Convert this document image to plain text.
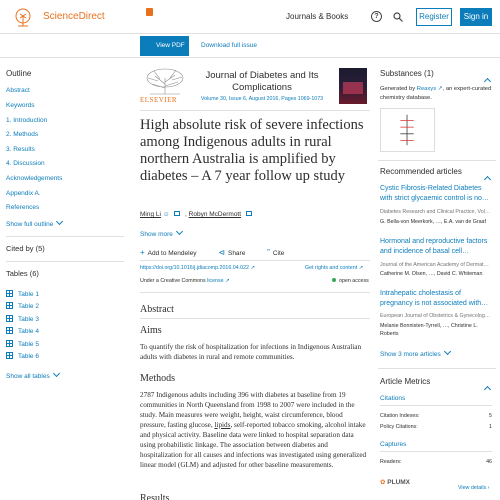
ScienceDirect	Journals & Books	?	Register	Sign in
View PDF	Download full issue
Outline
Abstract
Keywords
1. Introduction
2. Methods
3. Results
4. Discussion
Acknowledgements
Appendix A.
References
Show full outline
Cited by (5)
Tables (6)
Table 1
Table 2
Table 3
Table 4
Table 5
Table 6
Show all tables
ELSEVIER
Journal of Diabetes and Its Complications
Volume 30, Issue 6, August 2016, Pages 1069-1073
High absolute risk of severe infections among Indigenous adults in rural northern Australia is amplified by diabetes – A 7 year follow up study
Ming Li ☺ , Robyn McDermott
Show more
+ Add to Mendeley	⊲ Share	” Cite
https://doi.org/10.1016/j.jdiacomp.2016.04.022 ↗	Get rights and content ↗
Under a Creative Commons license ↗	open access
Abstract
Aims

To quantify the risk of hospitalization for infections in Indigenous Australian adults with diabetes in rural and remote communities.

Methods

2787 Indigenous adults including 396 with diabetes at baseline from 19 communities in North Queensland from 1998 to 2007 were included in the study. Main measures were weight, height, waist circumference, blood pressure, fasting glucose, lipids, self-reported tobacco smoking, alcohol intake and physical activity. Baseline data were linked to hospital separation data using probabilistic linkage. The association between diabetes and hospitalization for all causes and infections was investigated using generalized linear model (GLM) and adjusted for other baseline measurements.

Results
Substances (1)
Generated by Reaxys ↗, an expert-curated chemistry database.
Recommended articles
Cystic Fibrosis-Related Diabetes with strict glycaemic control is no…
Diabetes Research and Clinical Practice, Vol…
G. Bella-von Meerkork, …, E.A. van de Graaf
Hormonal and reproductive factors and incidence of basal cell…
Journal of the American Academy of Dermat…
Catherine M. Olsen, …, David C. Whiteman
Intrahepatic cholestasis of pregnancy is not associated with…
European Journal of Obstetrics & Gynecolog…
Melanie Bonnisten-Tyrrell, …, Christine L. Roberts
Show 3 more articles
Article Metrics
Citations
Citation Indexes:	5
Policy Citations:	1
Captures
Readers:	46
✿ PLUMX
View details ›
